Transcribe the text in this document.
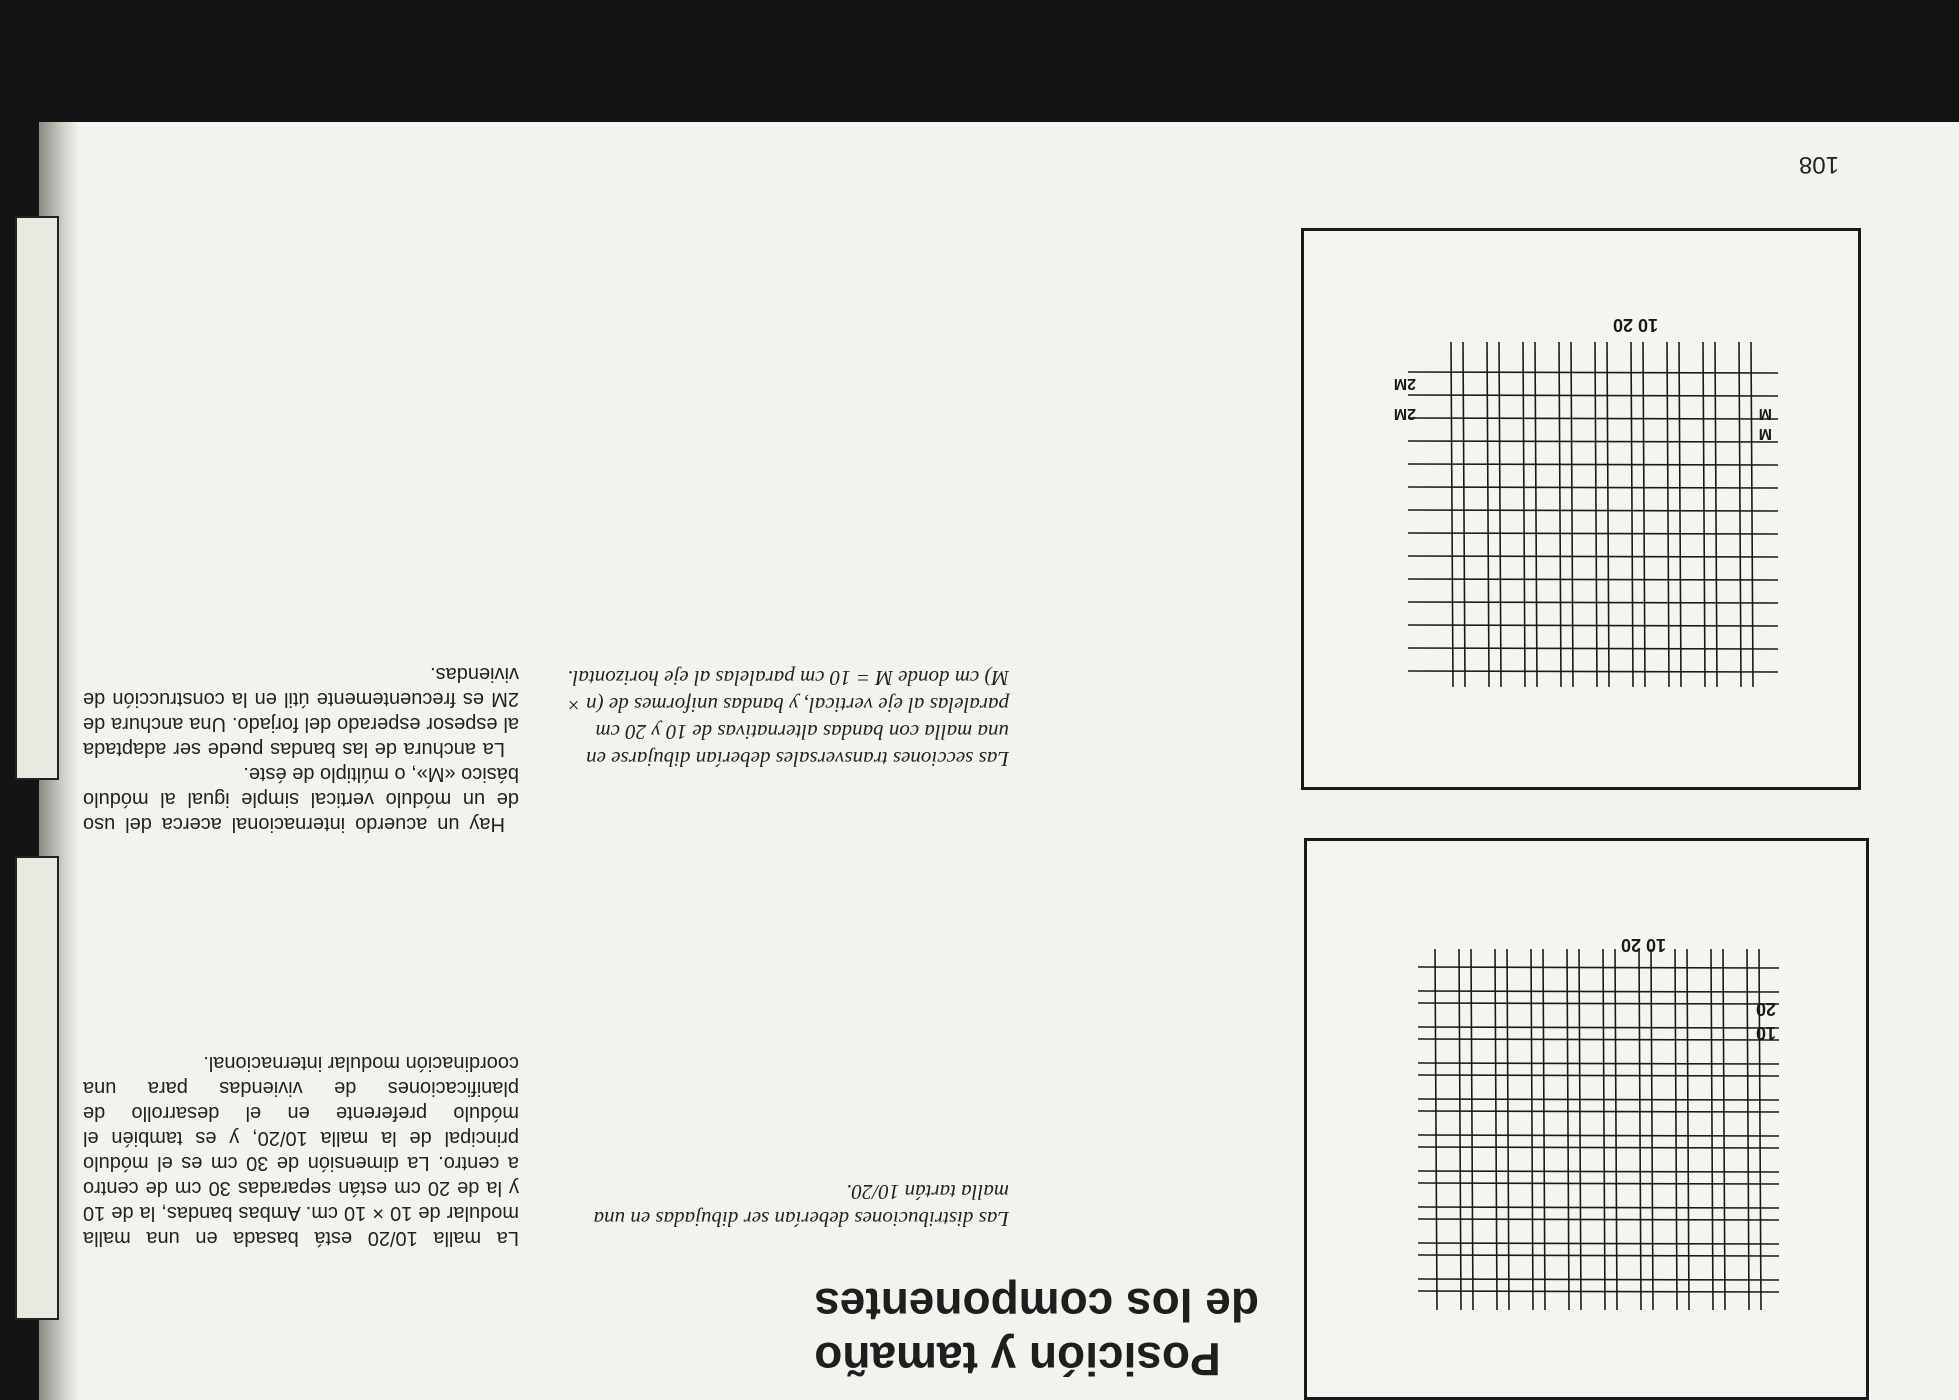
Posición y tamaño
de los componentes
Las distribuciones deberían ser dibujadas en una malla tartán 10/20.
Las secciones transversales deberían dibujarse en una malla con bandas alternativas de 10 y 20 cm paralelas al eje vertical, y bandas uniformes de (n × M) cm donde M = 10 cm paralelas al eje horizontal.

La malla 10/20 está basada en una malla modular de 10 × 10 cm. Ambas bandas, la de 10 y la de 20 cm están separadas 30 cm de centro a centro. La dimensión de 30 cm es el módulo principal de la malla 10/20, y es también el módulo preferente en el desarrollo de planificaciones de viviendas para una coordinación modular internacional.

Hay un acuerdo internacional acerca del uso de un módulo vertical simple igual al módulo básico «M», o múltiplo de éste.

La anchura de las bandas puede ser adaptada al espesor esperado del forjado. Una anchura de 2M es frecuentemente útil en la construcción de viviendas.

108
10 20
10
20
10 20
M
M
2M
2M
